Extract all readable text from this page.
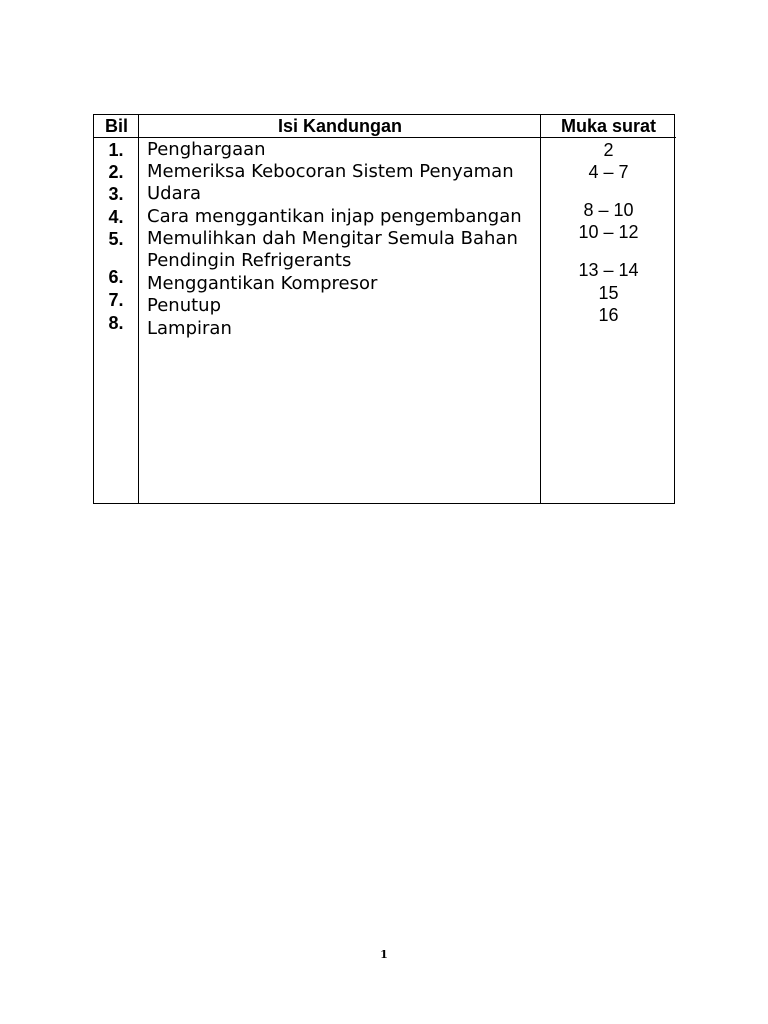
Bil	Isi Kandungan	Muka surat
1.
2.
3.
4.
5.
6.
7.
8.
Penghargaan
Memeriksa Kebocoran Sistem Penyaman
Udara
Cara menggantikan injap pengembangan
Memulihkan dah Mengitar Semula Bahan
Pendingin Refrigerants
Menggantikan Kompresor
Penutup
Lampiran
2
4 – 7
8 – 10
10 – 12
13 – 14
15
16
1
